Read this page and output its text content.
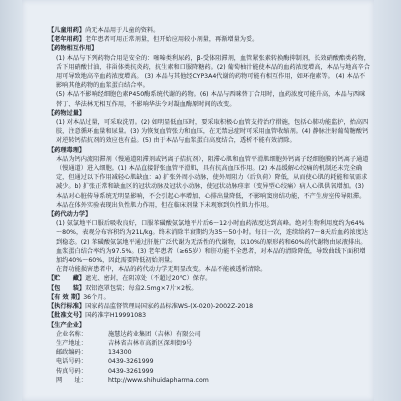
【儿童用药】尚无本品用于儿童的资料。

【老年用药】老年患者可用正常剂量，但开始应用较小剂量，再渐增量为妥。

【药物相互作用】

(1) 本品与下列药物合用是安全的：噻嗪类利尿药，β-受体阻滞剂，血管紧张素转换酶抑制剂，长效硝酸酯类药物，舌下用硝酸甘油，非甾体类抗炎药，抗生素和口服降糖药。(2) 葡萄柚汁能使本品的血药浓度增高，本品与地高辛合用可导致地高辛血药浓度增高。 (3) 本品与其他经CYP3A4代谢的药物可能有相互作用，如环孢素等。 (4) 本品不影响其他药物的血浆蛋白结合率。

(5) 本品不影响经细胞色素P450酶系统代谢的药物。(6) 本品与西咪替丁合用时，血药浓度可能升高，本品与西咪替丁、华法林无相互作用，不影响华法令对凝血酶原时间的改变。

【药物过量】

(1) 对本品过量，可采取洗胃。(2) 如明显低血压时，要采取积极心血管支持治疗措施，包括心肺功能监护，抬高四肢，注意循环血量和尿量。(3) 为恢复血管张力和血压，在无禁忌症时可采用血管收缩剂。(4) 静脉注射葡萄糖酸钙对逆转钙拮抗剂的效应也有益。(5) 由于本品与血浆蛋白高度结合，透析不能有效清除。

【药理毒理】

本品为钙内流阻滞剂（慢通道阻滞剂或钙离子拮抗剂），阻滞心肌和血管平滑肌细胞外钙离子经细胞膜的钙离子通道（慢通道）进入细胞。(1) 本品直接舒张血管平滑肌，具有抗高血压作用。(2) 本品缓解心绞痛的机制还未完全确定，但通过以下作用减轻心肌缺血：a) 扩张外周小动脉，使外周阻力（后负荷）降低，从而使心肌的耗能和氧需求减少。b) 扩张正常和缺血区的冠状动脉及冠状小动脉，使冠状动脉痉挛（变异型心绞痛）病人心肌供氧增加。(3) 本品对心脏传导系统无明显影响，不会引起心率增加、心排出量降低，不影响窦房结功能，不产生房室传导阻滞。

本品在体外实验表现出负性肌力作用，但在临床剂量下未观察到负性肌力作用。

【药代动力学】

(1) 氨氯地平口服后吸收良好，口服苯磺酸氨氯地平片后6～12小时血药浓度达到高峰。绝对生物利用度约为64%～80%，表观分布容积约为21L/kg。终末消除半衰期约为35～50小时。每日一次，连续给药7～8天后血药浓度达到稳态。(2) 苯磺酸氨氯地平通过肝脏广泛代谢为无活性的代谢物，以10%的原形药和60%的代谢物由尿液排出。血浆蛋白结合率约为97.5%。(3) 老年患者（≥65岁）和肝功能不全患者，对本品的清除降低，导致曲线下面积增加约40%～60%，因此需要降低初始剂量。

在肾功能损害患者中，本品的药代动力学无明显改变。本品不能被透析清除。

【贮　　藏】遮光、密封，在阴凉处（不超过20℃）保存。

【包　　装】双铝泡罩包装；每盒2.5mg×7片×2板。

【有 效 期】36个月。

【执行标准】国家药品监督管理局国家药品标准WS-(X-020)-2002Z-2018

【批准文号】国药准字H19991083

【生产企业】

企业名称：	施慧达药业集团（吉林）有限公司
生产地址：	吉林省吉林市高新区深圳街9号
邮政编码：	134300
电话号码：	0439-3261999
传真号码：	0439-3261999
网　　址：	http://www.shihuidapharma.com
